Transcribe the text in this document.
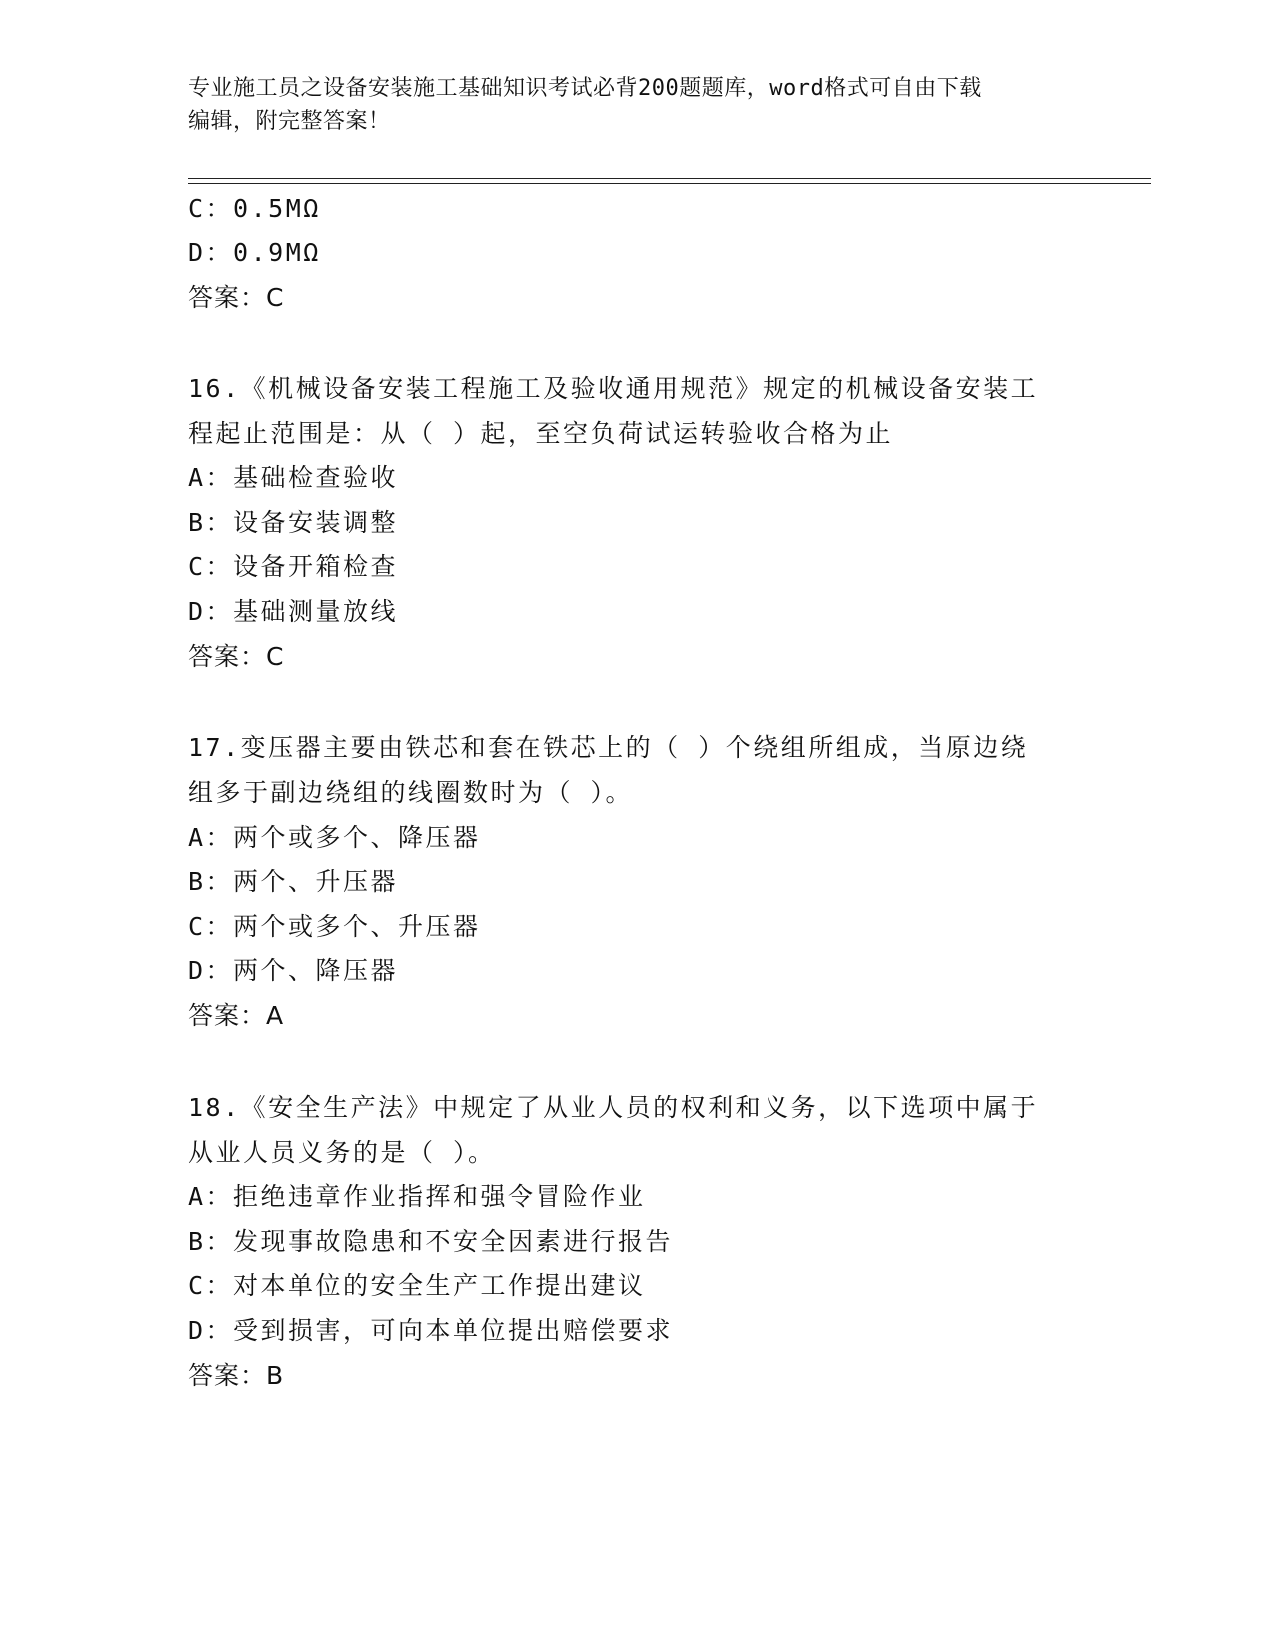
专业施工员之设备安装施工基础知识考试必背200题题库，word格式可自由下载
编辑，附完整答案！
C：0.5MΩ
D：0.9MΩ
答案：C
16.《机械设备安装工程施工及验收通用规范》规定的机械设备安装工
程起止范围是：从（ ）起，至空负荷试运转验收合格为止
A：基础检查验收
B：设备安装调整
C：设备开箱检查
D：基础测量放线
答案：C
17.变压器主要由铁芯和套在铁芯上的（ ）个绕组所组成，当原边绕
组多于副边绕组的线圈数时为（ ）。
A：两个或多个、降压器
B：两个、升压器
C：两个或多个、升压器
D：两个、降压器
答案：A
18.《安全生产法》中规定了从业人员的权利和义务，以下选项中属于
从业人员义务的是（ ）。
A：拒绝违章作业指挥和强令冒险作业
B：发现事故隐患和不安全因素进行报告
C：对本单位的安全生产工作提出建议
D：受到损害，可向本单位提出赔偿要求
答案：B
